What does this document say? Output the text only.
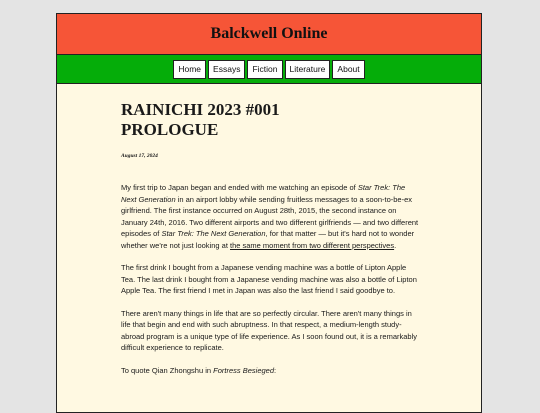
Balckwell Online
Home	Essays	Fiction	Literature	About
RAINICHI 2023 #001
PROLOGUE
August 17, 2024

My first trip to Japan began and ended with me watching an episode of Star Trek: The Next Generation in an airport lobby while sending fruitless messages to a soon-to-be-ex girlfriend. The first instance occurred on August 28th, 2015, the second instance on January 24th, 2016. Two different airports and two different girlfriends — and two different episodes of Star Trek: The Next Generation, for that matter — but it's hard not to wonder whether we're not just looking at the same moment from two different perspectives.

The first drink I bought from a Japanese vending machine was a bottle of Lipton Apple Tea. The last drink I bought from a Japanese vending machine was also a bottle of Lipton Apple Tea. The first friend I met in Japan was also the last friend I said goodbye to.

There aren't many things in life that are so perfectly circular. There aren't many things in life that begin and end with such abruptness. In that respect, a medium-length study-abroad program is a unique type of life experience. As I soon found out, it is a remarkably difficult experience to replicate.

To quote Qian Zhongshu in Fortress Besieged:
